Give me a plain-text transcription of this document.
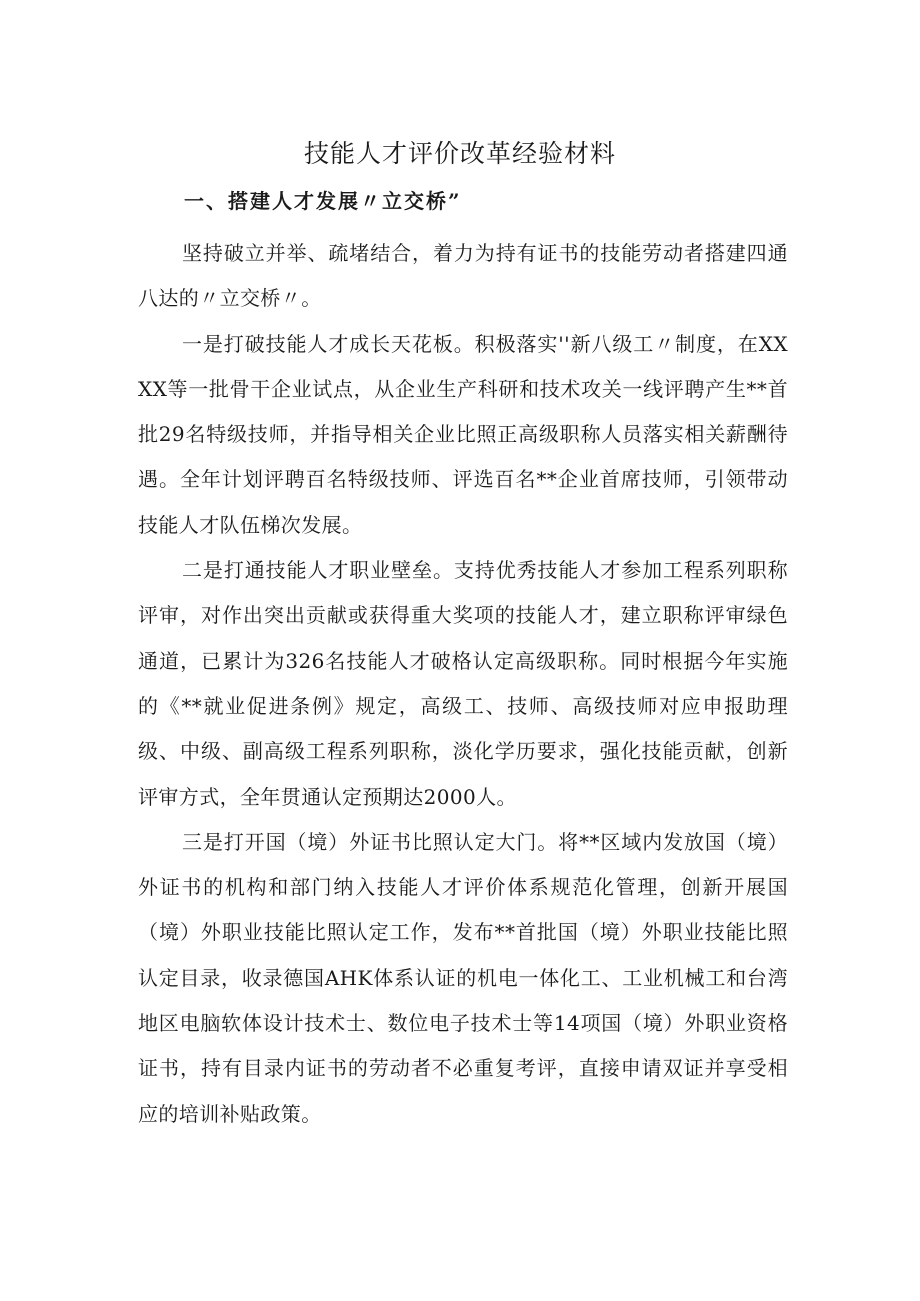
技能人才评价改革经验材料
一、搭建人才发展〃立交桥”

坚持破立并举、疏堵结合，着力为持有证书的技能劳动者搭建四通八达的〃立交桥〃。

一是打破技能人才成长天花板。积极落实''新八级工〃制度，在XXXX等一批骨干企业试点，从企业生产科研和技术攻关一线评聘产生**首批29名特级技师，并指导相关企业比照正高级职称人员落实相关薪酬待遇。全年计划评聘百名特级技师、评选百名**企业首席技师，引领带动技能人才队伍梯次发展。

二是打通技能人才职业壁垒。支持优秀技能人才参加工程系列职称评审，对作出突出贡献或获得重大奖项的技能人才，建立职称评审绿色通道，已累计为326名技能人才破格认定高级职称。同时根据今年实施的《**就业促进条例》规定，高级工、技师、高级技师对应申报助理级、中级、副高级工程系列职称，淡化学历要求，强化技能贡献，创新评审方式，全年贯通认定预期达2000人。

三是打开国（境）外证书比照认定大门。将**区域内发放国（境）外证书的机构和部门纳入技能人才评价体系规范化管理，创新开展国（境）外职业技能比照认定工作，发布**首批国（境）外职业技能比照认定目录，收录德国AHK体系认证的机电一体化工、工业机械工和台湾地区电脑软体设计技术士、数位电子技术士等14项国（境）外职业资格证书，持有目录内证书的劳动者不必重复考评，直接申请双证并享受相应的培训补贴政策。
